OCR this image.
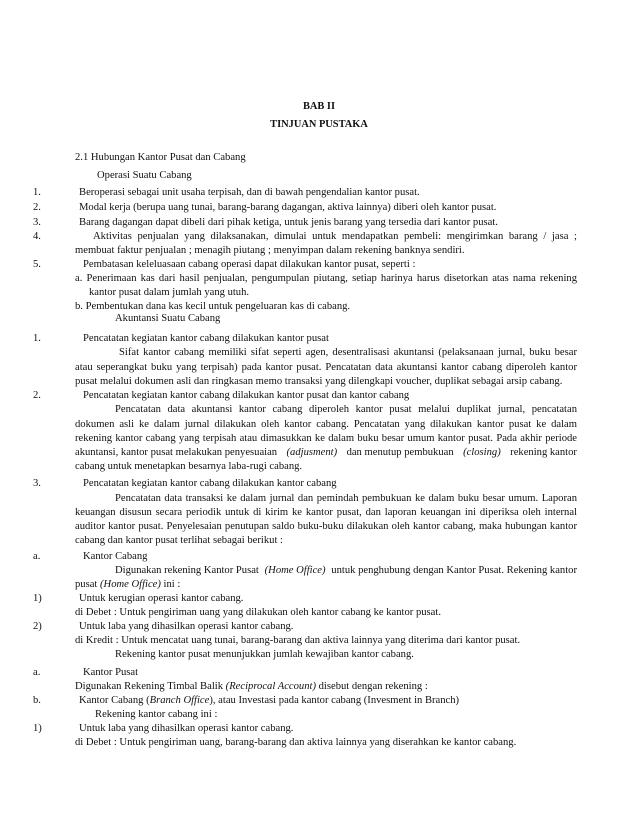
BAB II
TINJUAN PUSTAKA
2.1 Hubungan Kantor Pusat dan Cabang
Operasi Suatu Cabang
1.	Beroperasi sebagai unit usaha terpisah, dan di bawah pengendalian kantor pusat.
2.	Modal kerja (berupa uang tunai, barang-barang dagangan, aktiva lainnya) diberi oleh kantor pusat.
3.	Barang dagangan dapat dibeli dari pihak ketiga, untuk jenis barang yang tersedia dari kantor pusat.
4.	Aktivitas penjualan yang dilaksanakan, dimulai untuk mendapatkan pembeli: mengirimkan barang / jasa ;
membuat faktur penjualan ; menagih piutang ; menyimpan dalam rekening banknya sendiri.
5.	Pembatasan keleluasaan cabang operasi dapat dilakukan kantor pusat, seperti :
a. Penerimaan kas dari hasil penjualan, pengumpulan piutang, setiap harinya harus disetorkan atas nama rekening
kantor pusat dalam jumlah yang utuh.
b. Pembentukan dana kas kecil untuk pengeluaran kas di cabang.
Akuntansi Suatu Cabang
1.	Pencatatan kegiatan kantor cabang dilakukan kantor pusat
Sifat kantor cabang memiliki sifat seperti agen, desentralisasi akuntansi (pelaksanaan jurnal, buku besar
atau seperangkat buku yang terpisah) pada kantor pusat. Pencatatan data akuntansi kantor cabang diperoleh kantor
pusat melalui dokumen asli dan ringkasan memo transaksi yang dilengkapi voucher, duplikat sebagai arsip cabang.
2.	Pencatatan kegiatan kantor cabang dilakukan kantor pusat dan kantor cabang
Pencatatan data akuntansi kantor cabang diperoleh kantor pusat melalui duplikat jurnal, pencatatan
dokumen asli ke dalam jurnal dilakukan oleh kantor cabang. Pencatatan yang dilakukan kantor pusat ke dalam
rekening kantor cabang yang terpisah atau dimasukkan ke dalam buku besar umum kantor pusat. Pada akhir periode
akuntansi, kantor pusat melakukan penyesuaian (adjusment) dan menutup pembukuan (closing) rekening kantor
cabang untuk menetapkan besarnya laba-rugi cabang.
3.	Pencatatan kegiatan kantor cabang dilakukan kantor cabang
Pencatatan data transaksi ke dalam jurnal dan pemindah pembukuan ke dalam buku besar umum. Laporan
keuangan disusun secara periodik untuk di kirim ke kantor pusat, dan laporan keuangan ini diperiksa oleh internal
auditor kantor pusat. Penyelesaian penutupan saldo buku-buku dilakukan oleh kantor cabang, maka hubungan kantor
cabang dan kantor pusat terlihat sebagai berikut :
a.	Kantor Cabang
Digunakan rekening Kantor Pusat (Home Office) untuk penghubung dengan Kantor Pusat. Rekening kantor
pusat (Home Office) ini :
1)	Untuk kerugian operasi kantor cabang.
di Debet : Untuk pengiriman uang yang dilakukan oleh kantor cabang ke kantor pusat.
2)	Untuk laba yang dihasilkan operasi kantor cabang.
di Kredit : Untuk mencatat uang tunai, barang-barang dan aktiva lainnya yang diterima dari kantor pusat.
Rekening kantor pusat menunjukkan jumlah kewajiban kantor cabang.
a.	Kantor Pusat
Digunakan Rekening Timbal Balik (Reciprocal Account) disebut dengan rekening :
b.	Kantor Cabang (Branch Office), atau Investasi pada kantor cabang (Invesment in Branch)
Rekening kantor cabang ini :
1)	Untuk laba yang dihasilkan operasi kantor cabang.
di Debet : Untuk pengiriman uang, barang-barang dan aktiva lainnya yang diserahkan ke kantor cabang.
